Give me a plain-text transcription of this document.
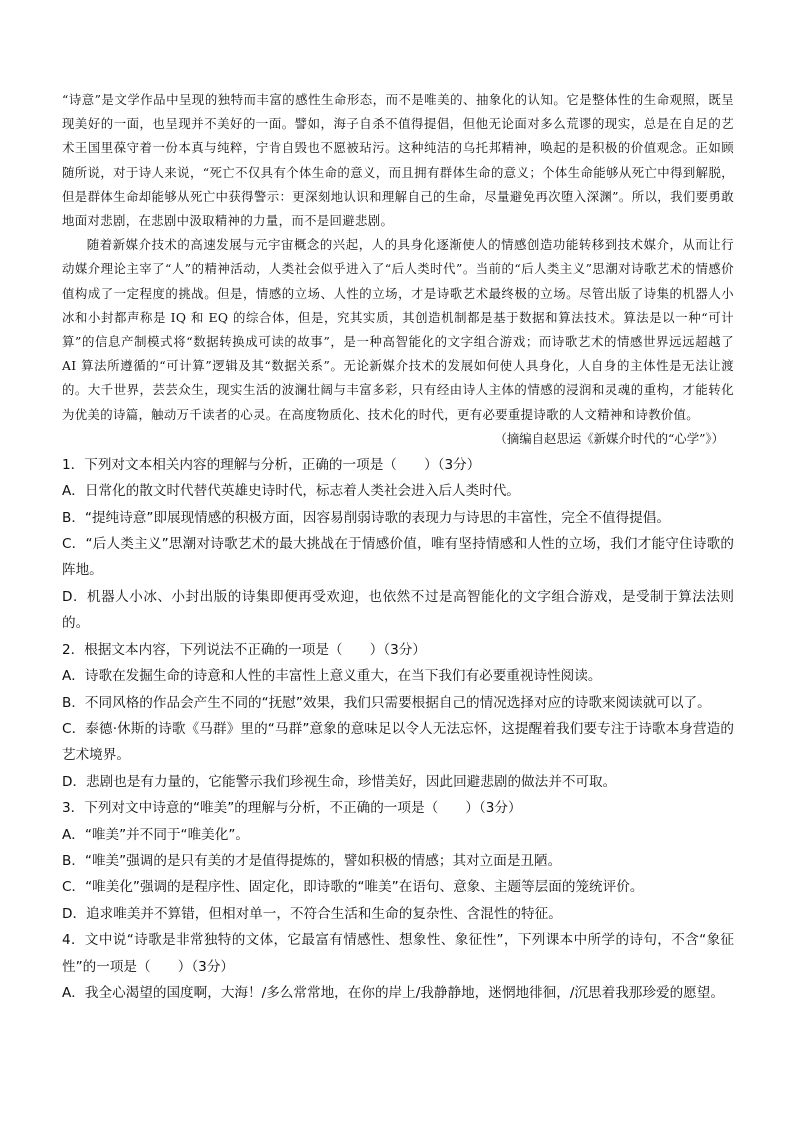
“诗意”是文学作品中呈现的独特而丰富的感性生命形态，而不是唯美的、抽象化的认知。它是整体性的生命观照，既呈现美好的一面，也呈现并不美好的一面。譬如，海子自杀不值得提倡，但他无论面对多么荒谬的现实，总是在自足的艺术王国里葆守着一份本真与纯粹，宁肯自毁也不愿被玷污。这种纯洁的乌托邦精神，唤起的是积极的价值观念。正如顾随所说，对于诗人来说，“死亡不仅具有个体生命的意义，而且拥有群体生命的意义；个体生命能够从死亡中得到解脱，但是群体生命却能够从死亡中获得警示：更深刻地认识和理解自己的生命，尽量避免再次堕入深渊”。所以，我们要勇敢地面对悲剧，在悲剧中汲取精神的力量，而不是回避悲剧。

随着新媒介技术的高速发展与元宇宙概念的兴起，人的具身化逐渐使人的情感创造功能转移到技术媒介，从而让行动媒介理论主宰了“人”的精神活动，人类社会似乎进入了“后人类时代”。当前的“后人类主义”思潮对诗歌艺术的情感价值构成了一定程度的挑战。但是，情感的立场、人性的立场，才是诗歌艺术最终极的立场。尽管出版了诗集的机器人小冰和小封都声称是 IQ 和 EQ 的综合体，但是，究其实质，其创造机制都是基于数据和算法技术。算法是以一种“可计算”的信息产制模式将“数据转换成可读的故事”，是一种高智能化的文字组合游戏；而诗歌艺术的情感世界远远超越了 AI 算法所遵循的“可计算”逻辑及其“数据关系”。无论新媒介技术的发展如何使人具身化，人自身的主体性是无法让渡的。大千世界，芸芸众生，现实生活的波澜壮阔与丰富多彩，只有经由诗人主体的情感的浸润和灵魂的重构，才能转化为优美的诗篇，触动万千读者的心灵。在高度物质化、技术化的时代，更有必要重提诗歌的人文精神和诗教价值。

（摘编自赵思运《新媒介时代的“心学”》）

1．下列对文本相关内容的理解与分析，正确的一项是（　　）（3分）

A．日常化的散文时代替代英雄史诗时代，标志着人类社会进入后人类时代。

B．“提纯诗意”即展现情感的积极方面，因容易削弱诗歌的表现力与诗思的丰富性，完全不值得提倡。

C．“后人类主义”思潮对诗歌艺术的最大挑战在于情感价值，唯有坚持情感和人性的立场，我们才能守住诗歌的阵地。

D．机器人小冰、小封出版的诗集即便再受欢迎，也依然不过是高智能化的文字组合游戏，是受制于算法法则的。

2．根据文本内容，下列说法不正确的一项是（　　）（3分）

A．诗歌在发掘生命的诗意和人性的丰富性上意义重大，在当下我们有必要重视诗性阅读。

B．不同风格的作品会产生不同的“抚慰”效果，我们只需要根据自己的情况选择对应的诗歌来阅读就可以了。

C．泰德·休斯的诗歌《马群》里的“马群”意象的意味足以令人无法忘怀，这提醒着我们要专注于诗歌本身营造的艺术境界。

D．悲剧也是有力量的，它能警示我们珍视生命，珍惜美好，因此回避悲剧的做法并不可取。

3．下列对文中诗意的“唯美”的理解与分析，不正确的一项是（　　）（3分）

A．“唯美”并不同于“唯美化”。

B．“唯美”强调的是只有美的才是值得提炼的，譬如积极的情感；其对立面是丑陋。

C．“唯美化”强调的是程序性、固定化，即诗歌的“唯美”在语句、意象、主题等层面的笼统评价。

D．追求唯美并不算错，但相对单一，不符合生活和生命的复杂性、含混性的特征。

4．文中说“诗歌是非常独特的文体，它最富有情感性、想象性、象征性”，下列课本中所学的诗句，不含“象征性”的一项是（　　）（3分）

A．我全心渴望的国度啊，大海！/多么常常地，在你的岸上/我静静地，迷惘地徘徊，/沉思着我那珍爱的愿望。
